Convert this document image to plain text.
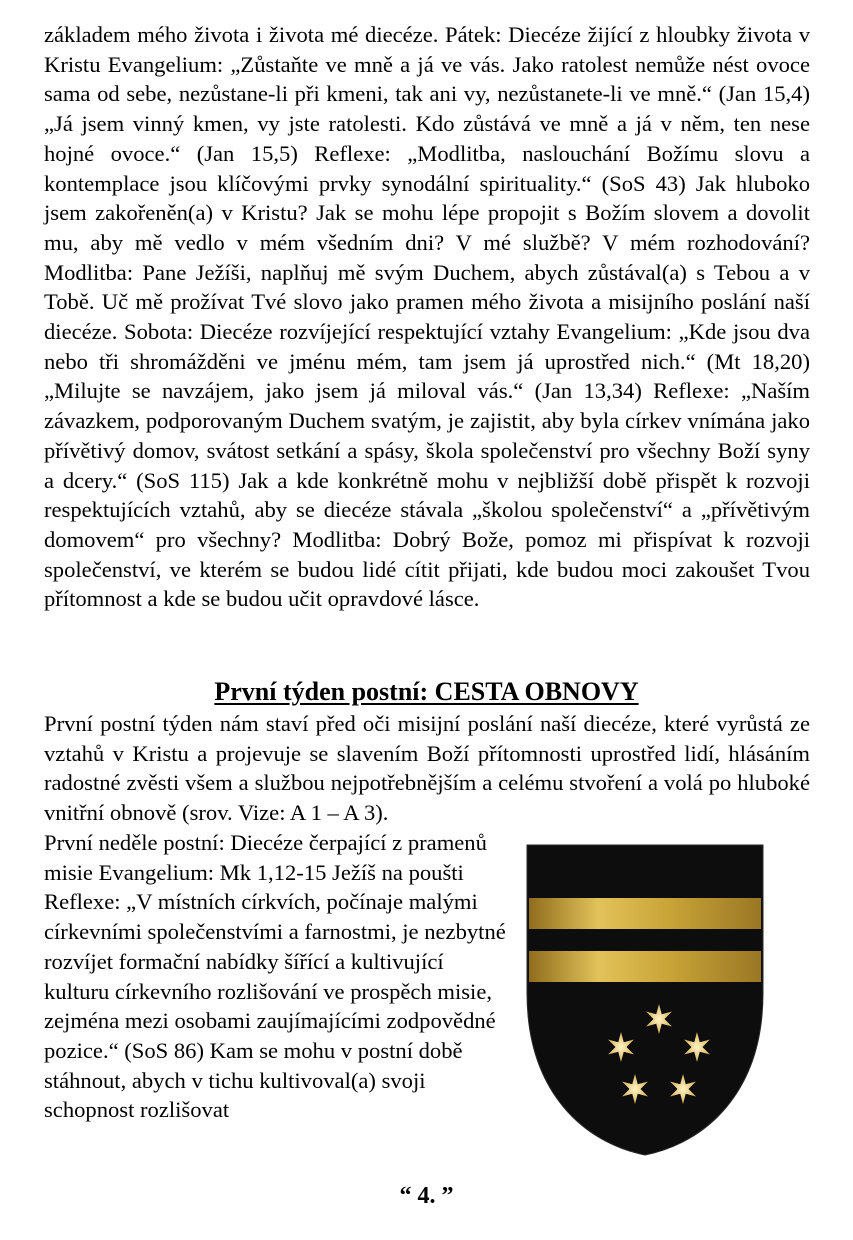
základem mého života i života mé diecéze. Pátek: Diecéze žijící z hloubky života v Kristu Evangelium: „Zůstaňte ve mně a já ve vás. Jako ratolest nemůže nést ovoce sama od sebe, nezůstane-li při kmeni, tak ani vy, nezůstanete-li ve mně.“ (Jan 15,4) „Já jsem vinný kmen, vy jste ratolesti. Kdo zůstává ve mně a já v něm, ten nese hojné ovoce.“ (Jan 15,5) Reflexe: „Modlitba, naslouchání Božímu slovu a kontemplace jsou klíčovými prvky synodální spirituality.“ (SoS 43) Jak hluboko jsem zakořeněn(a) v Kristu? Jak se mohu lépe propojit s Božím slovem a dovolit mu, aby mě vedlo v mém všedním dni? V mé službě? V mém rozhodování? Modlitba: Pane Ježíši, naplňuj mě svým Duchem, abych zůstával(a) s Tebou a v Tobě. Uč mě prožívat Tvé slovo jako pramen mého života a misijního poslání naší diecéze. Sobota: Diecéze rozvíjející respektující vztahy Evangelium: „Kde jsou dva nebo tři shromážděni ve jménu mém, tam jsem já uprostřed nich.“ (Mt 18,20) „Milujte se navzájem, jako jsem já miloval vás.“ (Jan 13,34) Reflexe: „Naším závazkem, podporovaným Duchem svatým, je zajistit, aby byla církev vnímána jako přívětivý domov, svátost setkání a spásy, škola společenství pro všechny Boží syny a dcery.“ (SoS 115) Jak a kde konkrétně mohu v nejbližší době přispět k rozvoji respektujících vztahů, aby se diecéze stávala „školou společenství“ a „přívětivým domovem“ pro všechny? Modlitba: Dobrý Bože, pomoz mi přispívat k rozvoji společenství, ve kterém se budou lidé cítit přijati, kde budou moci zakoušet Tvou přítomnost a kde se budou učit opravdové lásce.

První týden postní: CESTA OBNOVY

První postní týden nám staví před oči misijní poslání naší diecéze, které vyrůstá ze vztahů v Kristu a projevuje se slavením Boží přítomnosti uprostřed lidí, hlásáním radostné zvěsti všem a službou nejpotřebnějším a celému stvoření a volá po hluboké vnitřní obnově (srov. Vize: A 1 – A 3).

První neděle postní: Diecéze čerpající z pramenů misie Evangelium: Mk 1,12-15 Ježíš na poušti Reflexe: „V místních církvích, počínaje malými církevními společenstvími a farnostmi, je nezbytné rozvíjet formační nabídky šířící a kultivující kulturu církevního rozlišování ve prospěch misie, zejména mezi osobami zaujímajícími zodpovědné pozice.“ (SoS 86) Kam se mohu v postní době stáhnout, abych v tichu kultivoval(a) svoji schopnost rozlišovat

“ 4. ”
